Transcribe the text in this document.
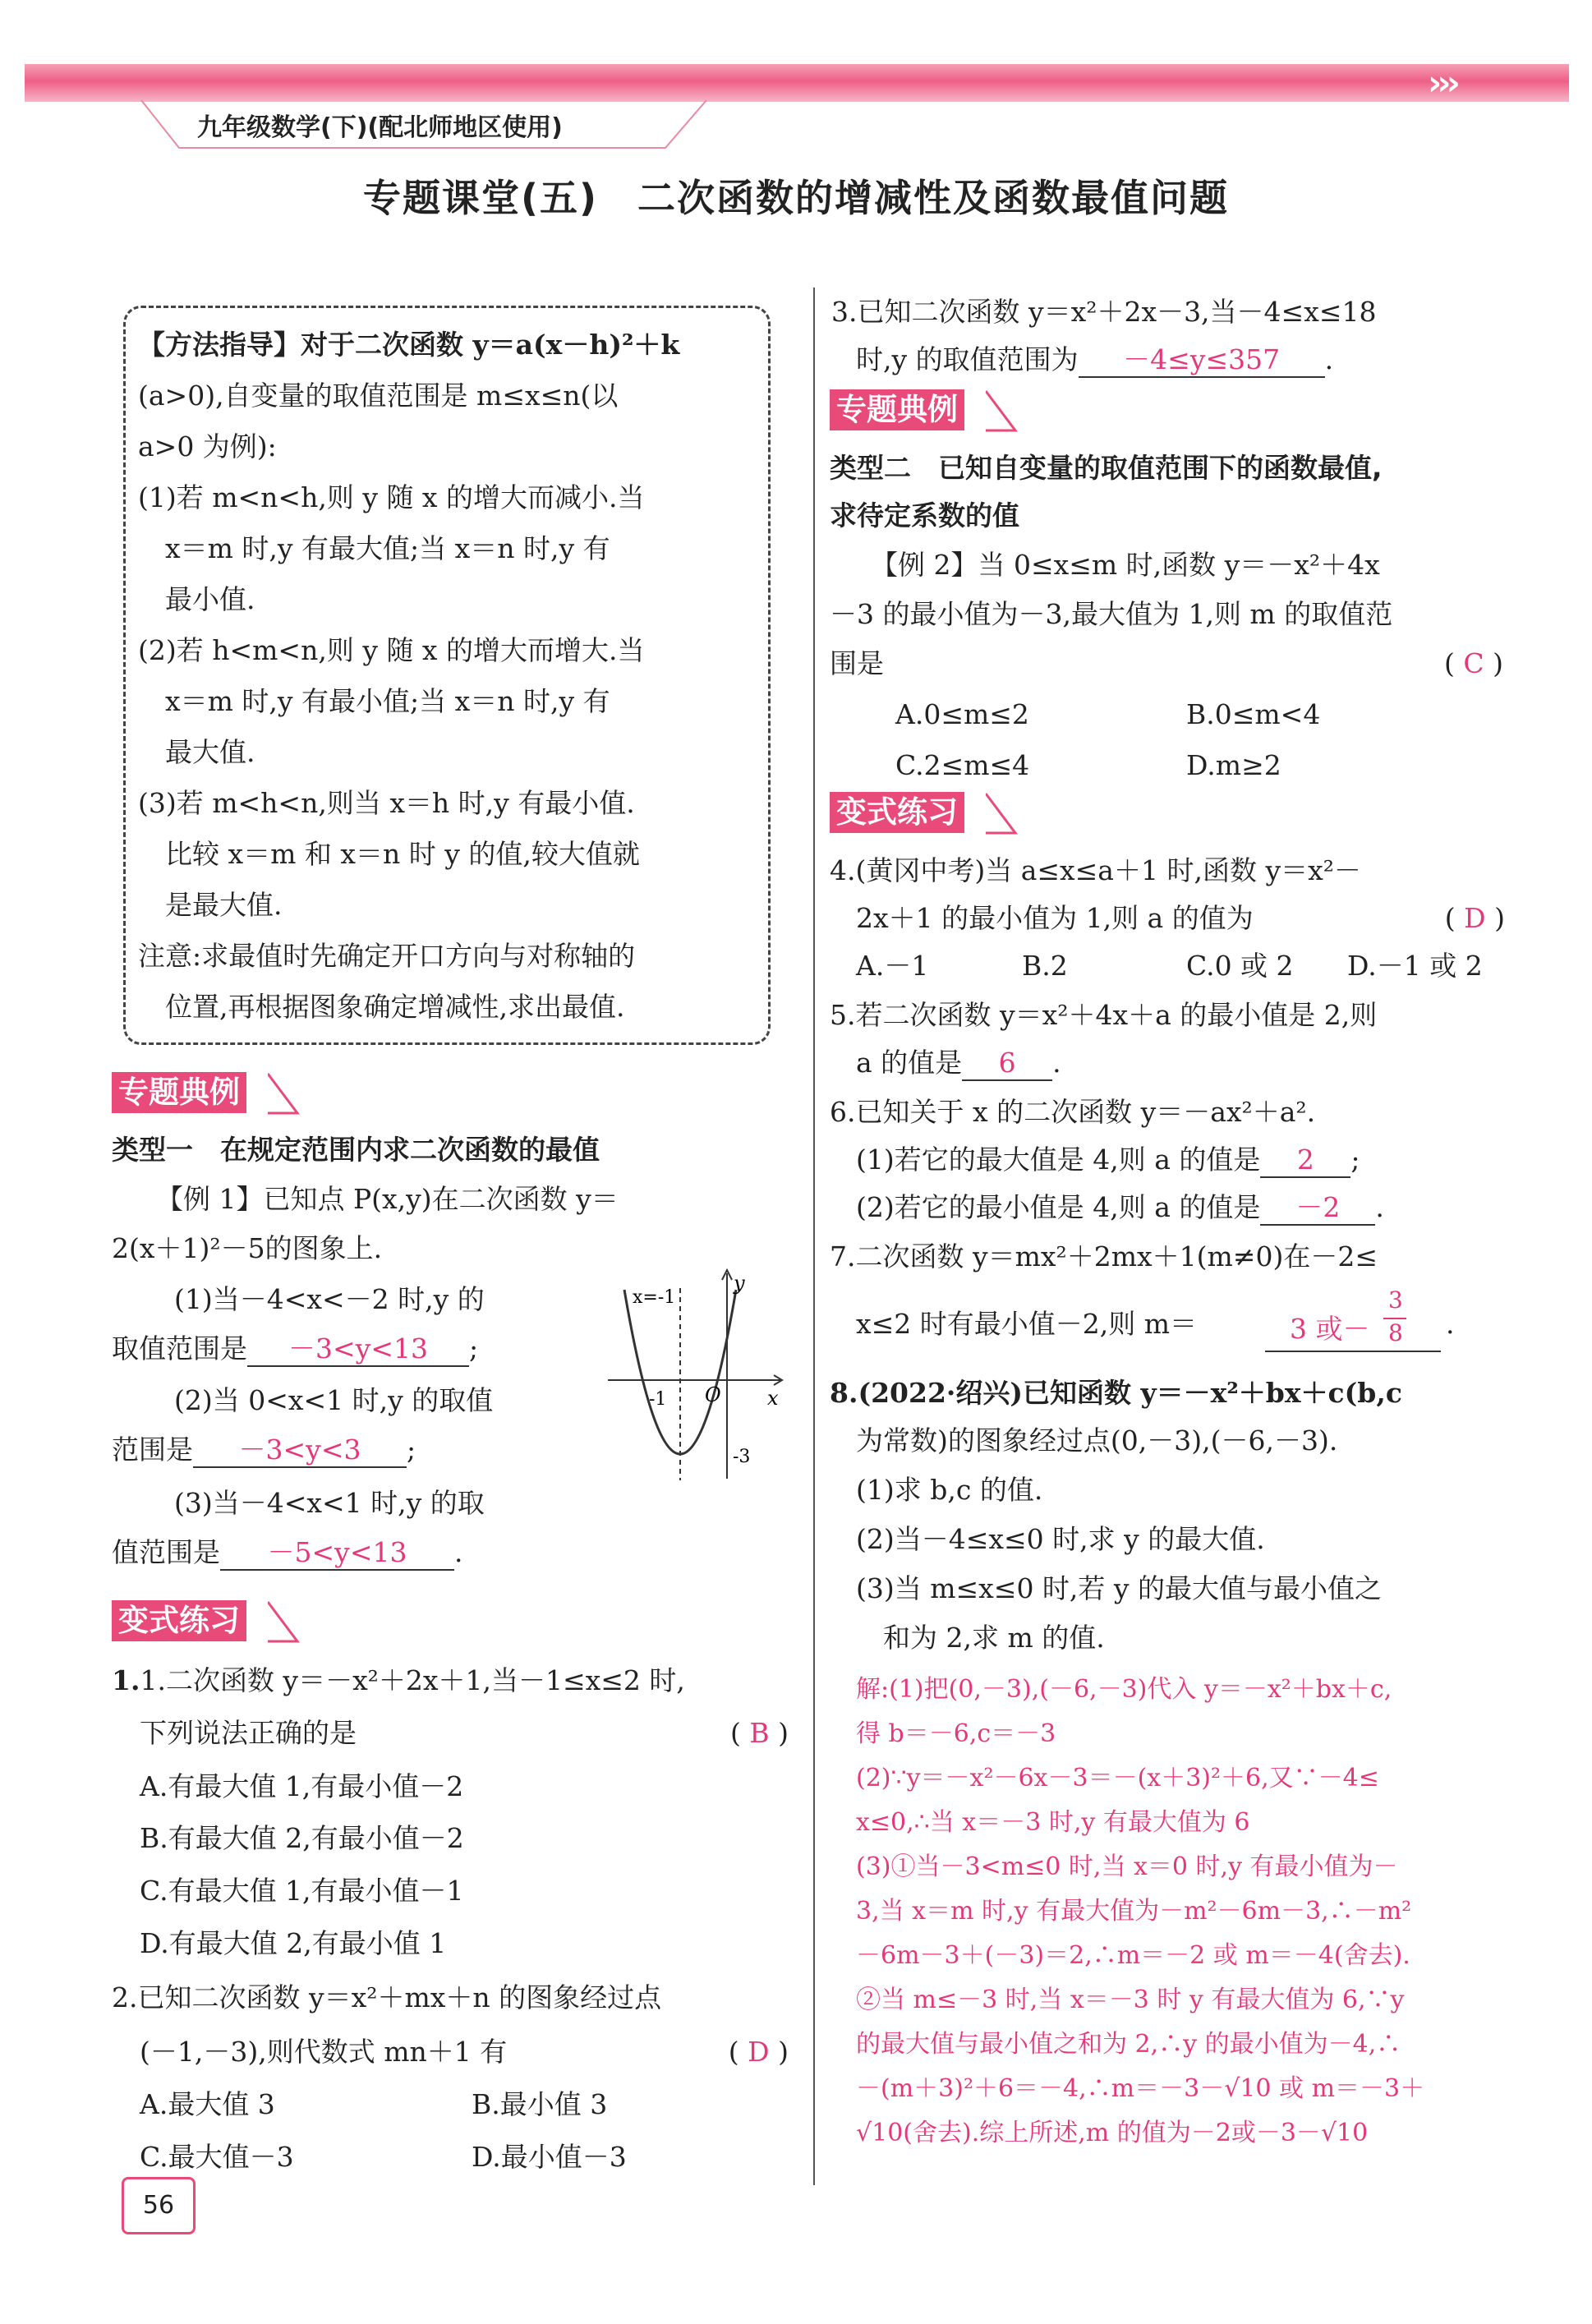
›››
九年级数学(下)(配北师地区使用)
专题课堂(五)　二次函数的增减性及函数最值问题
【方法指导】对于二次函数 y＝a(x－h)²＋k
(a>0),自变量的取值范围是 m≤x≤n(以
a>0 为例):
(1)若 m<n<h,则 y 随 x 的增大而减小.当
　x＝m 时,y 有最大值;当 x＝n 时,y 有
　最小值.
(2)若 h<m<n,则 y 随 x 的增大而增大.当
　x＝m 时,y 有最小值;当 x＝n 时,y 有
　最大值.
(3)若 m<h<n,则当 x＝h 时,y 有最小值.
　比较 x＝m 和 x＝n 时 y 的值,较大值就
　是最大值.
注意:求最值时先确定开口方向与对称轴的
　位置,再根据图象确定增减性,求出最值.
专题典例
类型一　在规定范围内求二次函数的最值
【例 1】已知点 P(x,y)在二次函数 y＝
2(x＋1)²－5的图象上.
(1)当－4<x<－2 时,y 的
取值范围是 －3<y<13 ;
(2)当 0<x<1 时,y 的取值
范围是 －3<y<3 ;
(3)当－4<x<1 时,y 的取
值范围是 －5<y<13 .
x=-1
y
x
-1 O
-3
变式练习
1.1.二次函数 y＝－x²＋2x＋1,当－1≤x≤2 时,
下列说法正确的是	( B )
A.有最大值 1,有最小值－2
B.有最大值 2,有最小值－2
C.有最大值 1,有最小值－1
D.有最大值 2,有最小值 1
2.已知二次函数 y＝x²＋mx＋n 的图象经过点
(－1,－3),则代数式 mn＋1 有	( D )
A.最大值 3	B.最小值 3
C.最大值－3	D.最小值－3
56
3.已知二次函数 y＝x²＋2x－3,当－4≤x≤18
时,y 的取值范围为 －4≤y≤357 .
专题典例
类型二　已知自变量的取值范围下的函数最值,
求待定系数的值
【例 2】当 0≤x≤m 时,函数 y＝－x²＋4x
－3 的最小值为－3,最大值为 1,则 m 的取值范
围是	( C )
A.0≤m≤2	B.0≤m<4
C.2≤m≤4	D.m≥2
变式练习
4.(黄冈中考)当 a≤x≤a＋1 时,函数 y＝x²－
2x＋1 的最小值为 1,则 a 的值为	( D )
A.－1	B.2	C.0 或 2 D.－1 或 2
5.若二次函数 y＝x²＋4x＋a 的最小值是 2,则
a 的值是 6 .
6.已知关于 x 的二次函数 y＝－ax²＋a².
(1)若它的最大值是 4,则 a 的值是 2 ;
(2)若它的最小值是 4,则 a 的值是 －2 .
7.二次函数 y＝mx²＋2mx＋1(m≠0)在－2≤
x≤2 时有最小值－2,则 m＝	3 或－
3
8 .
8.(2022·绍兴)已知函数 y＝－x²＋bx＋c(b,c
为常数)的图象经过点(0,－3),(－6,－3).
(1)求 b,c 的值.
(2)当－4≤x≤0 时,求 y 的最大值.
(3)当 m≤x≤0 时,若 y 的最大值与最小值之
　和为 2,求 m 的值.
解:(1)把(0,－3),(－6,－3)代入 y＝－x²＋bx＋c,
得 b＝－6,c＝－3
(2)∵y＝－x²－6x－3＝－(x＋3)²＋6,又∵－4≤
x≤0,∴当 x＝－3 时,y 有最大值为 6
(3)①当－3<m≤0 时,当 x＝0 时,y 有最小值为－
3,当 x＝m 时,y 有最大值为－m²－6m－3,∴－m²
－6m－3＋(－3)＝2,∴m＝－2 或 m＝－4(舍去).
②当 m≤－3 时,当 x＝－3 时 y 有最大值为 6,∵y
的最大值与最小值之和为 2,∴y 的最小值为－4,∴
－(m＋3)²＋6＝－4,∴m＝－3－√10 或 m＝－3＋
√10(舍去).综上所述,m 的值为－2或－3－√10
